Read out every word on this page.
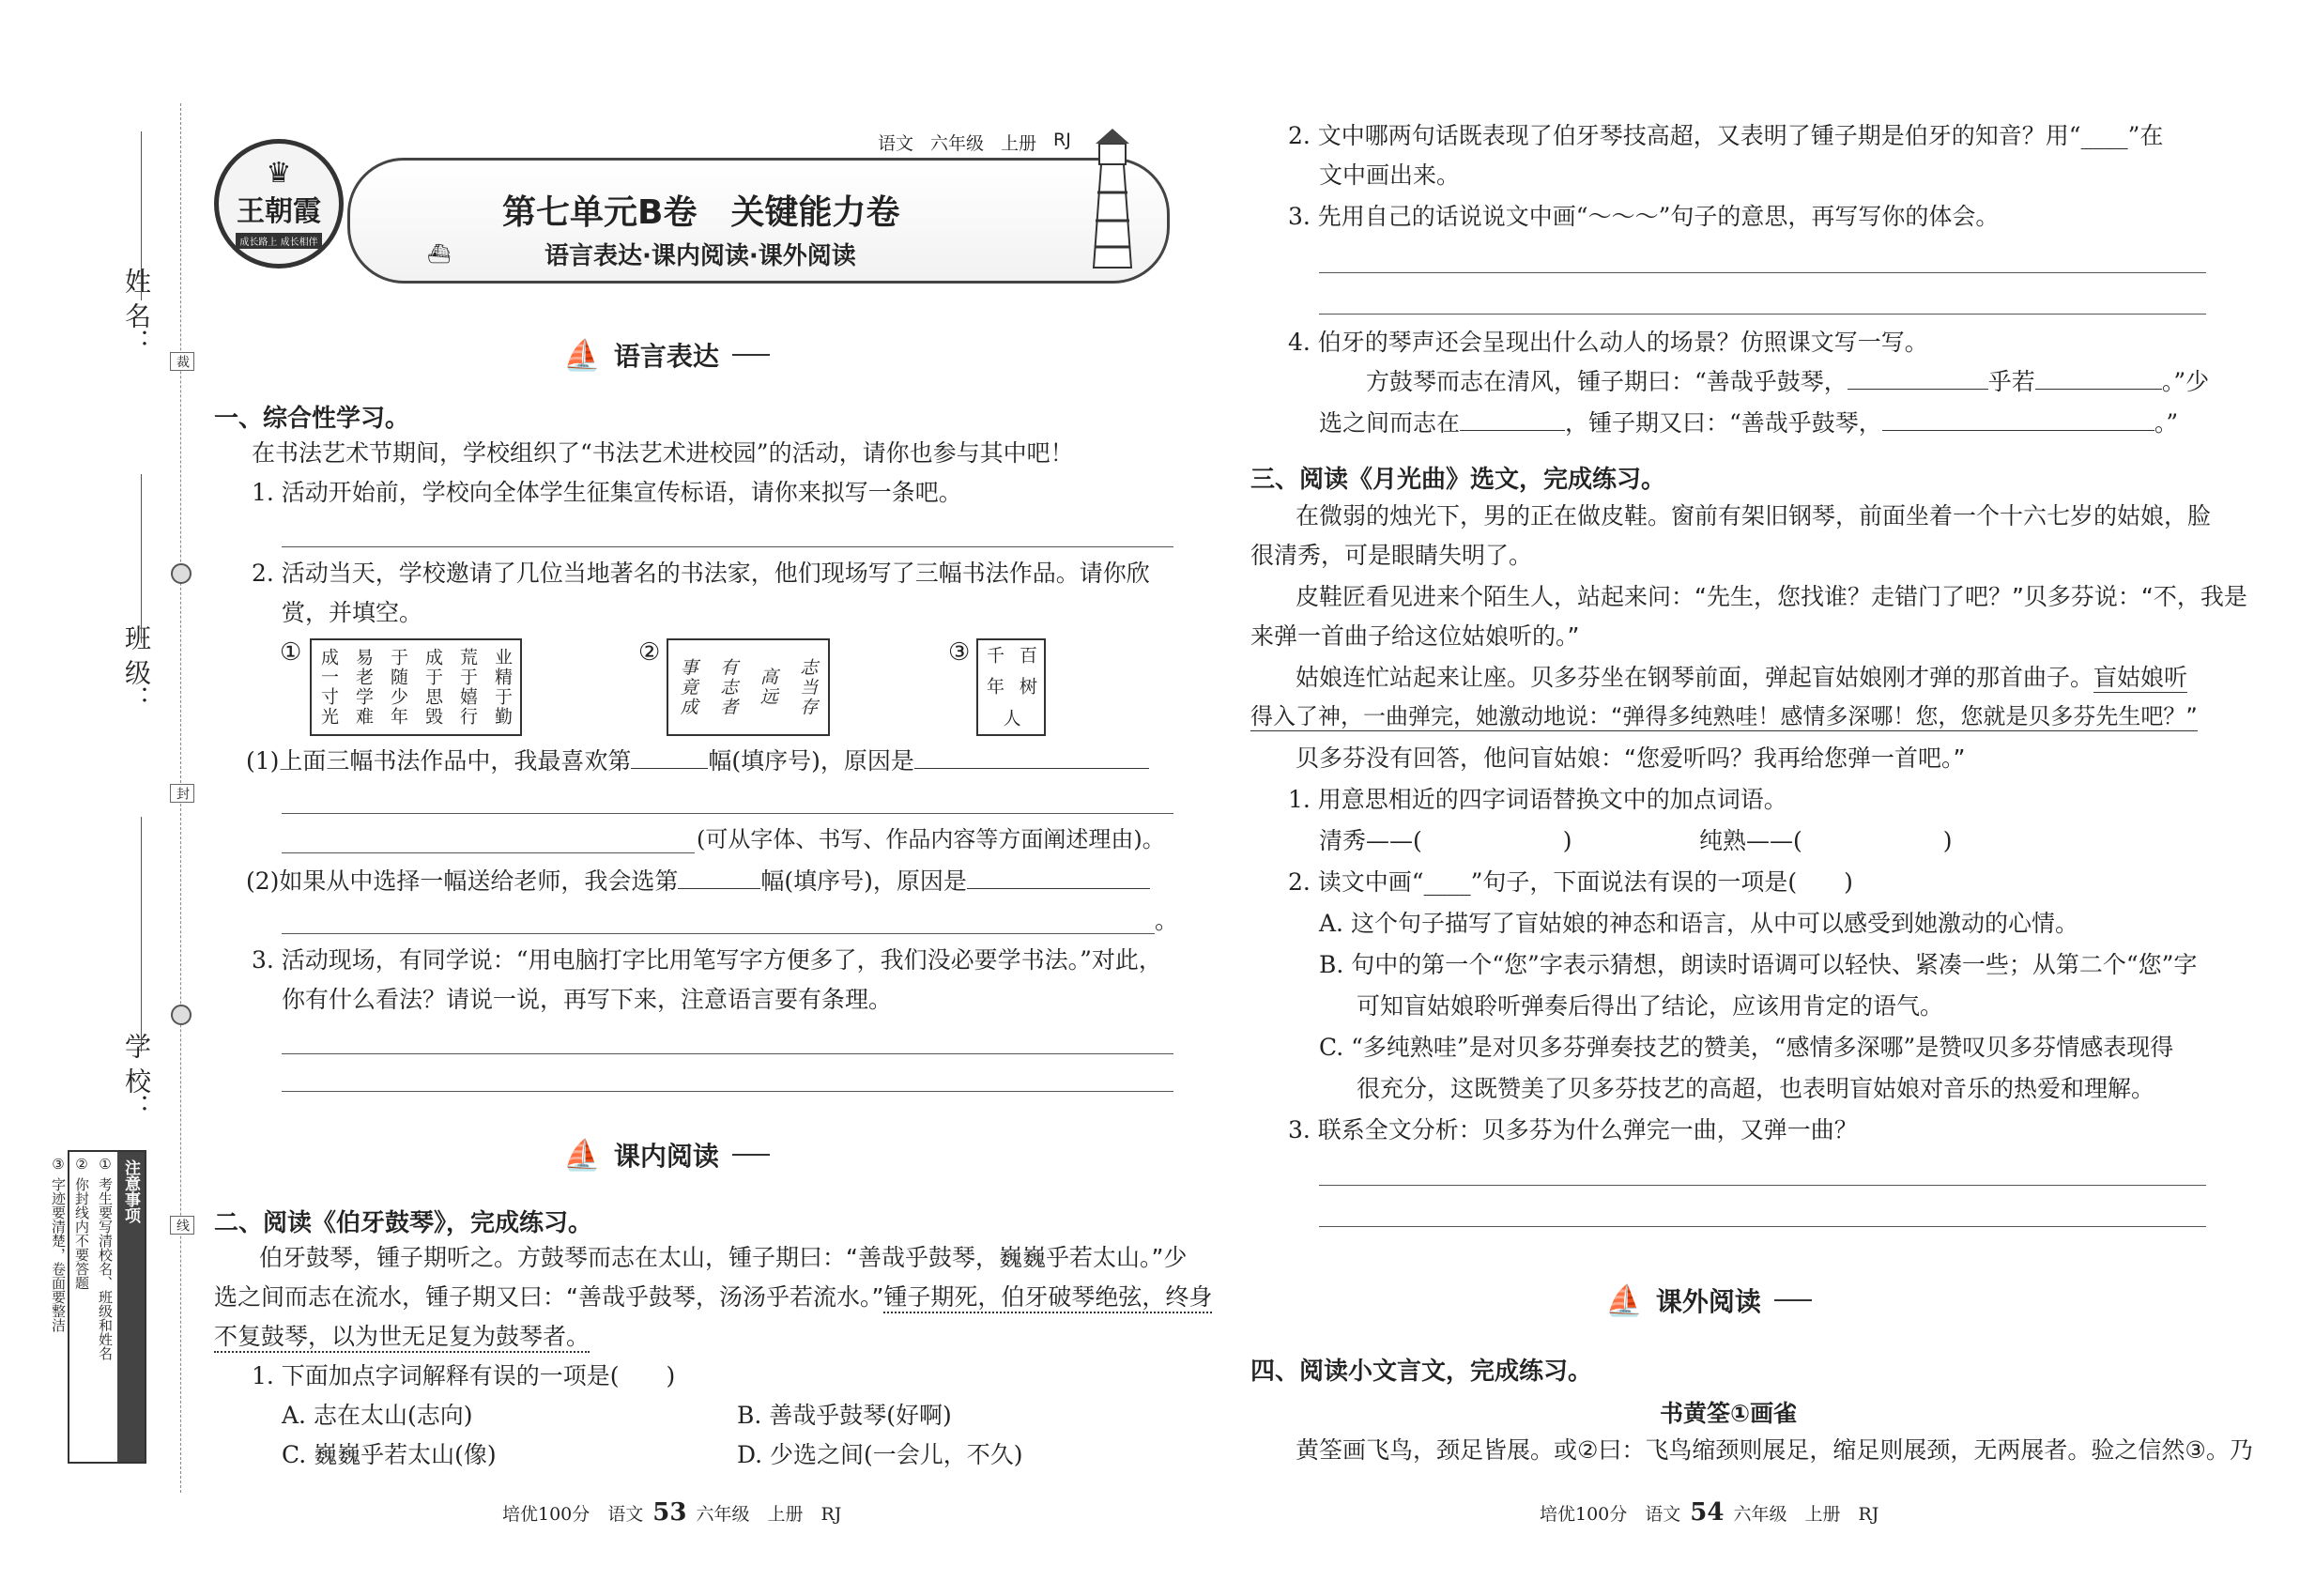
姓 名：
班 级：
学 校：
裁
封
线
注意事项
① 考生要写清校名、班级和姓名
② 你封线内不要答题
③ 字迹要清楚，卷面要整洁
♛
王朝霞
成长路上 成长相伴
语文 六年级 上册 RJ
第七单元B卷　关键能力卷
语言表达·课内阅读·课外阅读
⛴
⛵ 语言表达
一、综合性学习。
在书法艺术节期间，学校组织了“书法艺术进校园”的活动，请你也参与其中吧！
1. 活动开始前，学校向全体学生征集宣传标语，请你来拟写一条吧。
2. 活动当天，学校邀请了几位当地著名的书法家，他们现场写了三幅书法作品。请你欣
赏，并填空。
① 成一寸光 易老学难 于随少年 成于思毁 荒于嬉行 业精于勤	②
事竟成 有志者 高远 志当存
③ 千 百
年 树
人
(1)上面三幅书法作品中，我最喜欢第	幅(填序号)，原因是
(可从字体、书写、作品内容等方面阐述理由)。
(2)如果从中选择一幅送给老师，我会选第	幅(填序号)，原因是
。
3. 活动现场，有同学说：“用电脑打字比用笔写字方便多了，我们没必要学书法。”对此，
你有什么看法？请说一说，再写下来，注意语言要有条理。
⛵ 课内阅读
二、阅读《伯牙鼓琴》，完成练习。
伯牙鼓琴，锺子期听之。方鼓琴而志在太山，锺子期曰：“善哉乎鼓琴，巍巍乎若太山。”少
选之间而志在流水，锺子期又曰：“善哉乎鼓琴，汤汤乎若流水。”锺子期死，伯牙破琴绝弦，终身
不复鼓琴，以为世无足复为鼓琴者。
1. 下面加点字词解释有误的一项是(　　)
A. 志在太山(志向)	B. 善哉乎鼓琴(好啊)
C. 巍巍乎若太山(像)	D. 少选之间(一会儿，不久)
培优100分　语文 53 六年级　上册　RJ
2. 文中哪两句话既表现了伯牙琴技高超，又表明了锺子期是伯牙的知音？用“____”在
文中画出来。
3. 先用自己的话说说文中画“～～～”句子的意思，再写写你的体会。
4. 伯牙的琴声还会呈现出什么动人的场景？仿照课文写一写。
方鼓琴而志在清风，锺子期曰：“善哉乎鼓琴，	乎若	。”少
选之间而志在	，锺子期又曰：“善哉乎鼓琴，	。”
三、阅读《月光曲》选文，完成练习。
在微弱的烛光下，男的正在做皮鞋。窗前有架旧钢琴，前面坐着一个十六七岁的姑娘，脸
很清秀，可是眼睛失明了。
皮鞋匠看见进来个陌生人，站起来问：“先生，您找谁？走错门了吧？”贝多芬说：“不，我是
来弹一首曲子给这位姑娘听的。”
姑娘连忙站起来让座。贝多芬坐在钢琴前面，弹起盲姑娘刚才弹的那首曲子。盲姑娘听
得入了神，一曲弹完，她激动地说：“弹得多纯熟哇！感情多深哪！您，您就是贝多芬先生吧？”
贝多芬没有回答，他问盲姑娘：“您爱听吗？我再给您弹一首吧。”
1. 用意思相近的四字词语替换文中的加点词语。
清秀——(　　　　　　)	纯熟——(　　　　　　)
2. 读文中画“____”句子，下面说法有误的一项是(　　)
A. 这个句子描写了盲姑娘的神态和语言，从中可以感受到她激动的心情。
B. 句中的第一个“您”字表示猜想，朗读时语调可以轻快、紧凑一些；从第二个“您”字
可知盲姑娘聆听弹奏后得出了结论，应该用肯定的语气。
C. “多纯熟哇”是对贝多芬弹奏技艺的赞美，“感情多深哪”是赞叹贝多芬情感表现得
很充分，这既赞美了贝多芬技艺的高超，也表明盲姑娘对音乐的热爱和理解。
3. 联系全文分析：贝多芬为什么弹完一曲，又弹一曲？
⛵ 课外阅读
四、阅读小文言文，完成练习。
书黄筌①画雀
黄筌画飞鸟，颈足皆展。或②曰：飞鸟缩颈则展足，缩足则展颈，无两展者。验之信然③。乃
培优100分　语文 54 六年级　上册　RJ
